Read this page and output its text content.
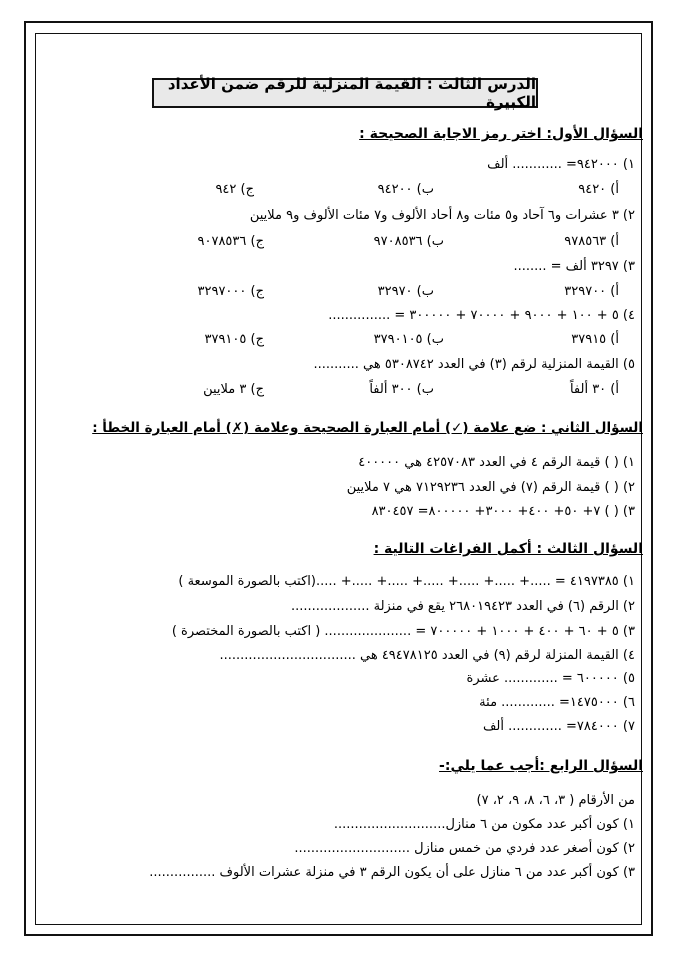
الدرس الثالث : القيمة المنزلية للرقم ضمن الأعداد الكبيرة
السؤال الأول: اختر رمز الاجابة الصحيحة :
١) ٩٤٢٠٠٠= ............ ألف
أ) ٩٤٢٠
ب) ٩٤٢٠٠
ج) ٩٤٢
٢) ٣ عشرات و٦ آحاد و٥ مئات و٨ أحاد الألوف و٧ مئات الألوف و٩ ملايين
أ) ٩٧٨٥٦٣
ب) ٩٧٠٨٥٣٦
ج) ٩٠٧٨٥٣٦
٣) ٣٢٩٧ ألف = ........
أ) ٣٢٩٧٠٠
ب) ٣٢٩٧٠
ج) ٣٢٩٧٠٠٠
٤) ٥ + ١٠٠ + ٩٠٠٠ + ٧٠٠٠٠ + ٣٠٠٠٠٠ = ...............
أ) ٣٧٩١٥
ب) ٣٧٩٠١٠٥
ج) ٣٧٩١٠٥
٥) القيمة المنزلية لرقم (٣) في العدد ٥٣٠٨٧٤٢ هي ...........
أ) ٣٠ ألفاً
ب) ٣٠٠ ألفاً
ج) ٣ ملايين
السؤال الثاني : ضع علامة (✓) أمام العبارة الصحيحة وعلامة (✗) أمام العبارة الخطأ :
١) ( ) قيمة الرقم ٤ في العدد ٤٢٥٧٠٨٣ هي ٤٠٠٠٠٠
٢) ( ) قيمة الرقم (٧) في العدد ٧١٢٩٢٣٦ هي ٧ ملايين
٣) ( ) ٧+ ٥٠+ ٤٠٠+ ٣٠٠٠+ ٨٠٠٠٠٠= ٨٣٠٤٥٧
السؤال الثالث : أكمل الفراغات التالية :
١) ٤١٩٧٣٨٥ = .....+ .....+ .....+ .....+ .....+ .....+ .....(اكتب بالصورة الموسعة )
٢) الرقم (٦) في العدد ٢٦٨٠١٩٤٢٣ يقع في منزلة ...................
٣) ٥ + ٦٠ + ٤٠٠ + ١٠٠٠ + ٧٠٠٠٠٠ = ..................... ( اكتب بالصورة المختصرة )
٤) القيمة المنزلة لرقم (٩) في العدد ٤٩٤٧٨١٢٥ هي .................................
٥) ٦٠٠٠٠٠ = ............. عشرة
٦) ١٤٧٥٠٠٠= ............. مئة
٧) ٧٨٤٠٠٠= ............. ألف
السؤال الرابع :أجب عما يلي:-
من الأرقام ( ٣، ٦، ٨، ٩، ٢، ٧)
١) كون أكبر عدد مكون من ٦ منازل...........................
٢) كون أصغر عدد فردي من خمس منازل ............................
٣) كون أكبر عدد من ٦ منازل على أن يكون الرقم ٣ في منزلة عشرات الألوف ................
